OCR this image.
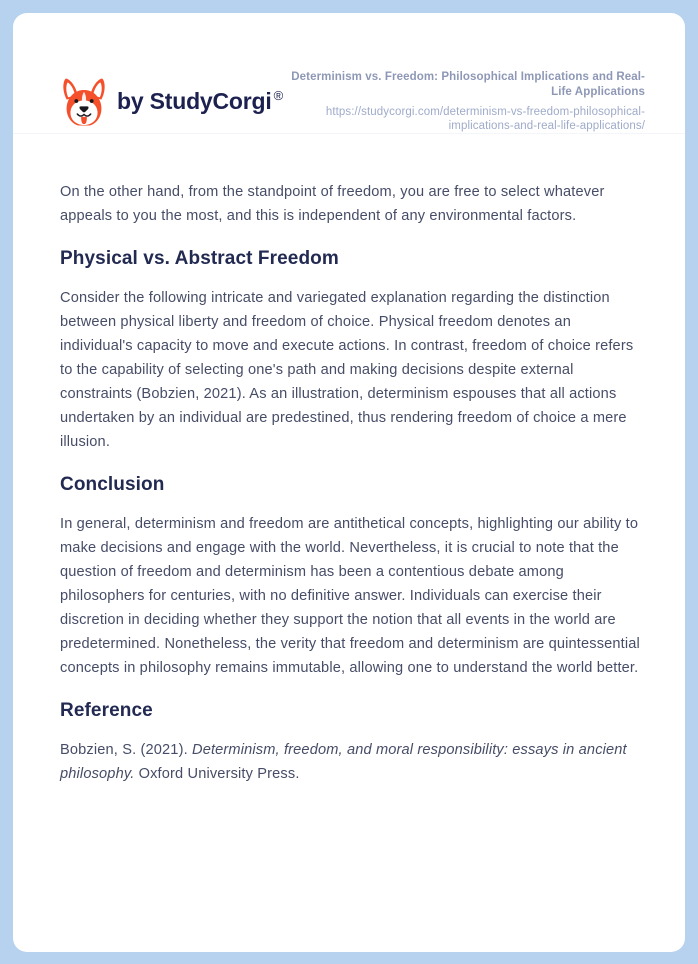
by StudyCorgi ®
Determinism vs. Freedom: Philosophical Implications and Real-Life Applications
https://studycorgi.com/determinism-vs-freedom-philosophical-implications-and-real-life-applications/

On the other hand, from the standpoint of freedom, you are free to select whatever appeals to you the most, and this is independent of any environmental factors.

Physical vs. Abstract Freedom

Consider the following intricate and variegated explanation regarding the distinction between physical liberty and freedom of choice. Physical freedom denotes an individual's capacity to move and execute actions. In contrast, freedom of choice refers to the capability of selecting one's path and making decisions despite external constraints (Bobzien, 2021). As an illustration, determinism espouses that all actions undertaken by an individual are predestined, thus rendering freedom of choice a mere illusion.

Conclusion

In general, determinism and freedom are antithetical concepts, highlighting our ability to make decisions and engage with the world. Nevertheless, it is crucial to note that the question of freedom and determinism has been a contentious debate among philosophers for centuries, with no definitive answer. Individuals can exercise their discretion in deciding whether they support the notion that all events in the world are predetermined. Nonetheless, the verity that freedom and determinism are quintessential concepts in philosophy remains immutable, allowing one to understand the world better.

Reference

Bobzien, S. (2021). Determinism, freedom, and moral responsibility: essays in ancient philosophy. Oxford University Press.
